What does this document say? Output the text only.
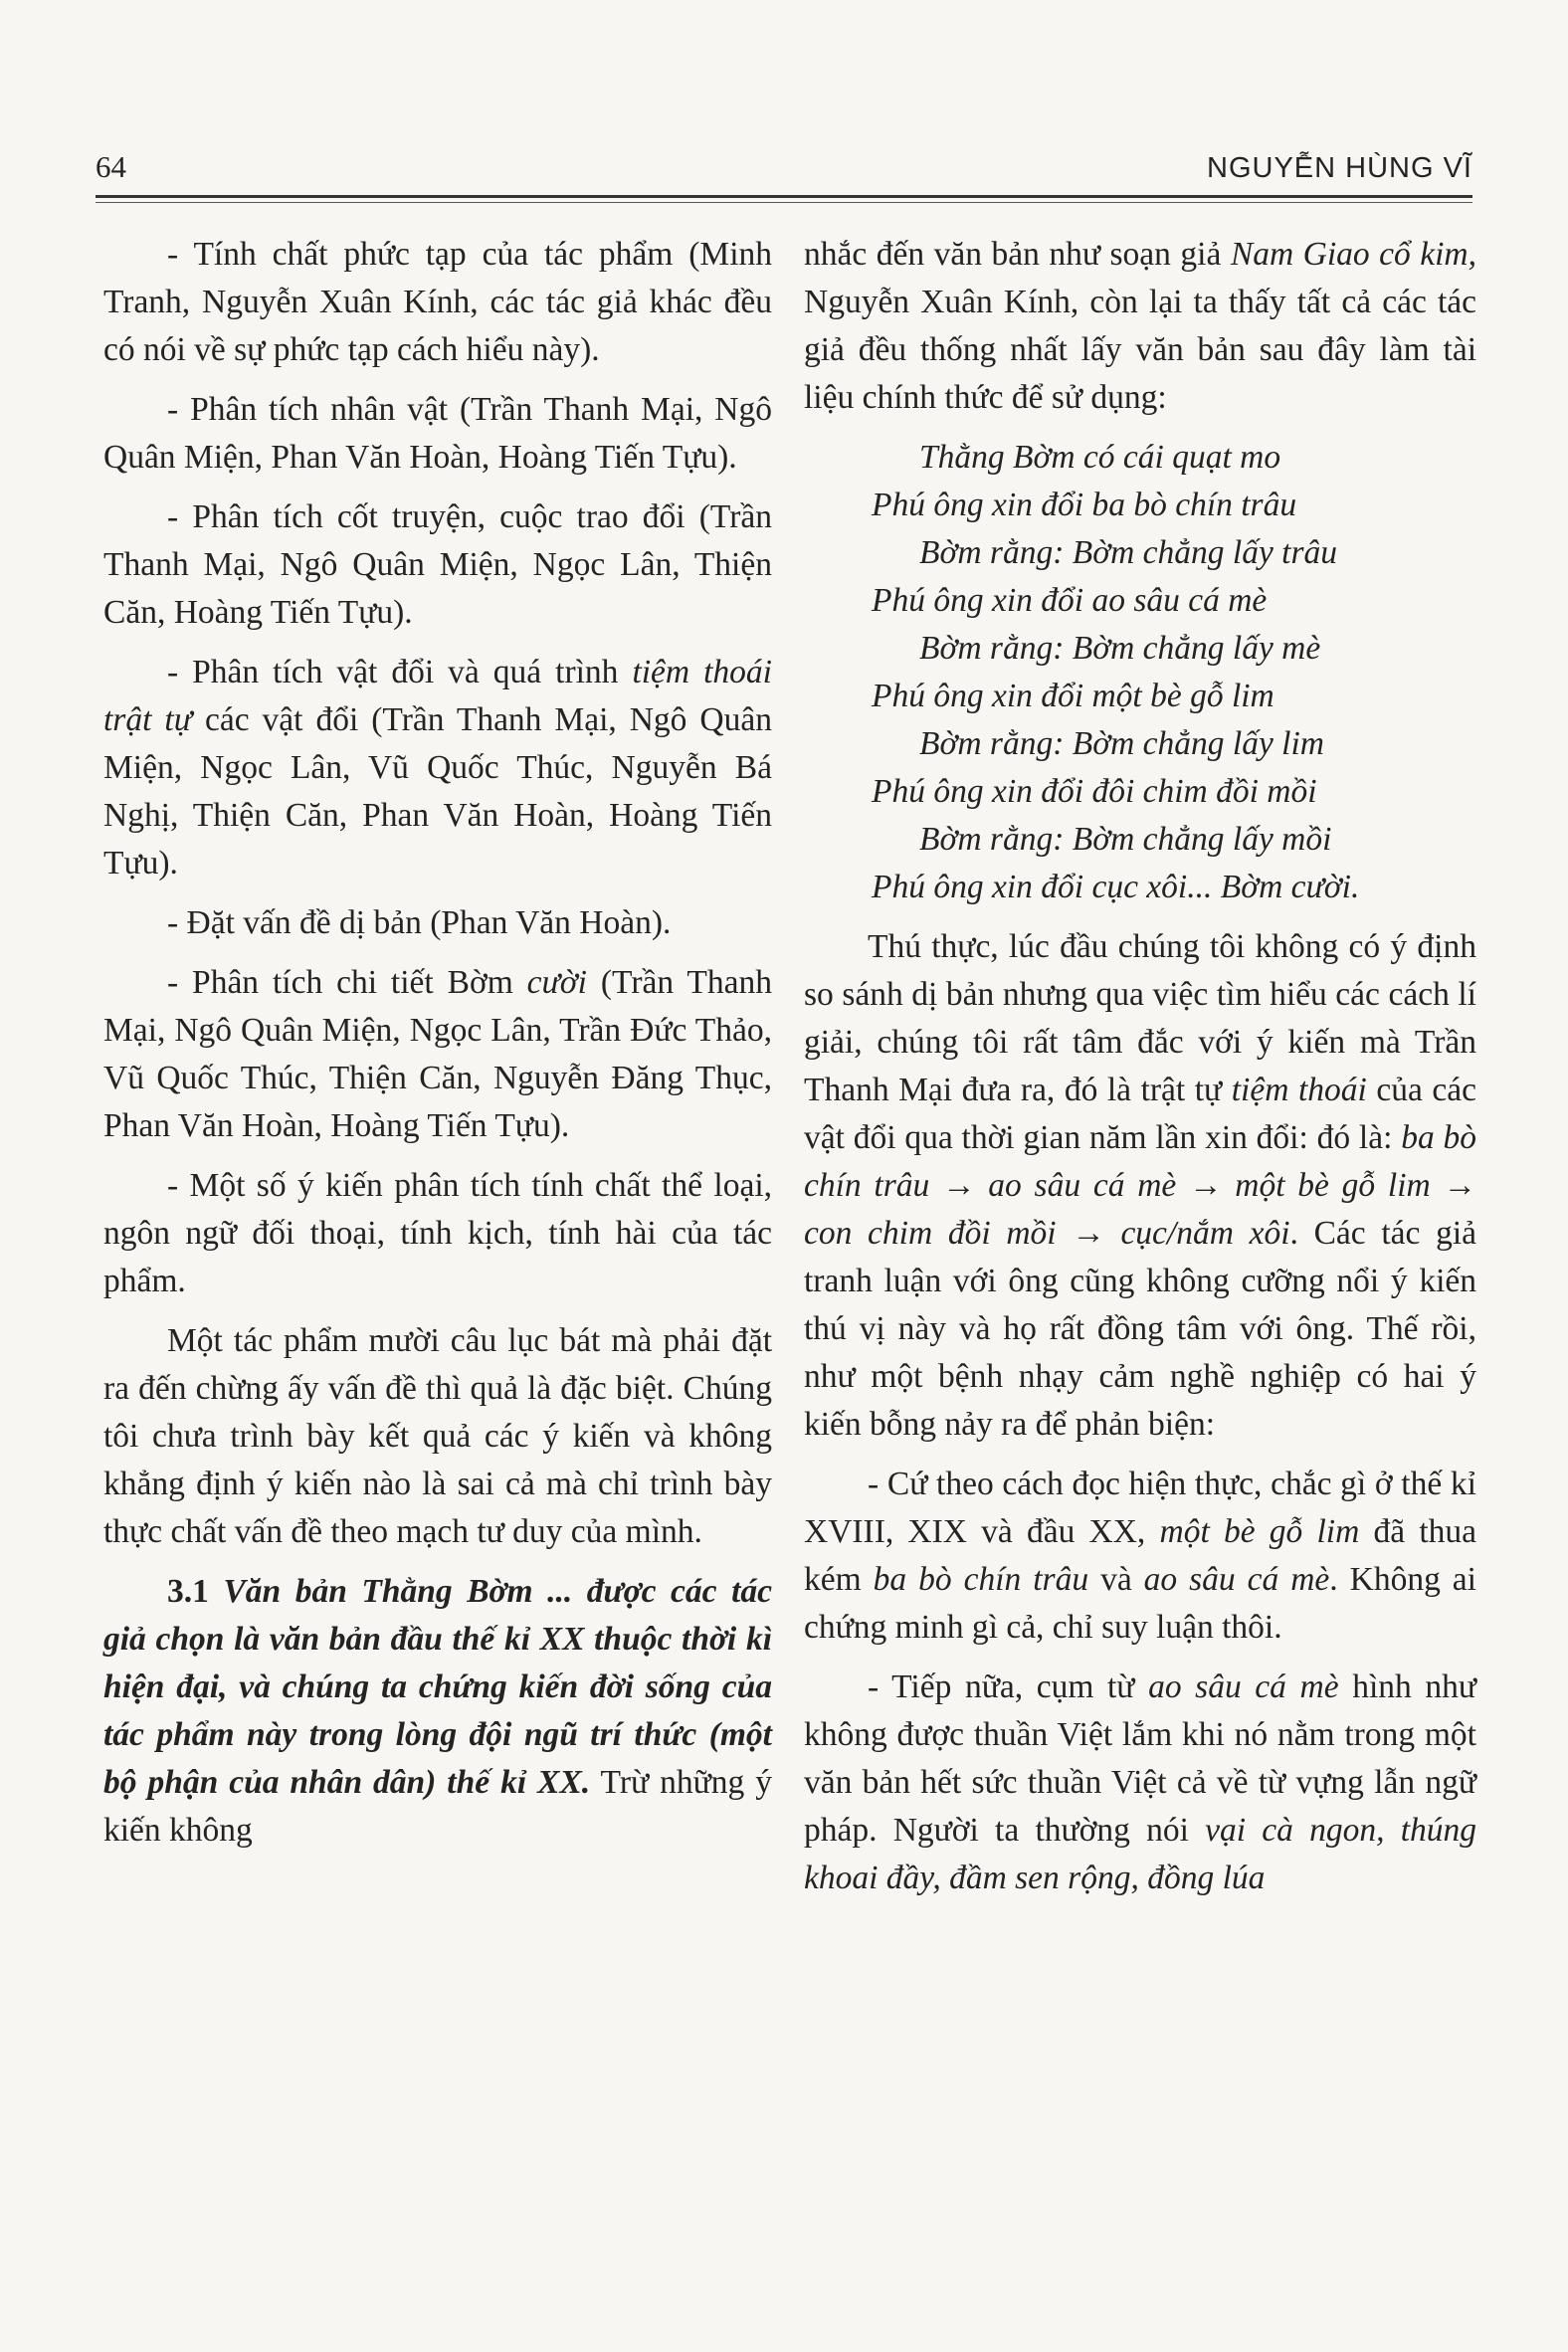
64	NGUYỄN HÙNG VĨ

- Tính chất phức tạp của tác phẩm (Minh Tranh, Nguyễn Xuân Kính, các tác giả khác đều có nói về sự phức tạp cách hiểu này).

- Phân tích nhân vật (Trần Thanh Mại, Ngô Quân Miện, Phan Văn Hoàn, Hoàng Tiến Tựu).

- Phân tích cốt truyện, cuộc trao đổi (Trần Thanh Mại, Ngô Quân Miện, Ngọc Lân, Thiện Căn, Hoàng Tiến Tựu).

- Phân tích vật đổi và quá trình tiệm thoái trật tự các vật đổi (Trần Thanh Mại, Ngô Quân Miện, Ngọc Lân, Vũ Quốc Thúc, Nguyễn Bá Nghị, Thiện Căn, Phan Văn Hoàn, Hoàng Tiến Tựu).

- Đặt vấn đề dị bản (Phan Văn Hoàn).

- Phân tích chi tiết Bờm cười (Trần Thanh Mại, Ngô Quân Miện, Ngọc Lân, Trần Đức Thảo, Vũ Quốc Thúc, Thiện Căn, Nguyễn Đăng Thục, Phan Văn Hoàn, Hoàng Tiến Tựu).

- Một số ý kiến phân tích tính chất thể loại, ngôn ngữ đối thoại, tính kịch, tính hài của tác phẩm.

Một tác phẩm mười câu lục bát mà phải đặt ra đến chừng ấy vấn đề thì quả là đặc biệt. Chúng tôi chưa trình bày kết quả các ý kiến và không khẳng định ý kiến nào là sai cả mà chỉ trình bày thực chất vấn đề theo mạch tư duy của mình.

3.1 Văn bản Thằng Bờm ... được các tác giả chọn là văn bản đầu thế kỉ XX thuộc thời kì hiện đại, và chúng ta chứng kiến đời sống của tác phẩm này trong lòng đội ngũ trí thức (một bộ phận của nhân dân) thế kỉ XX. Trừ những ý kiến không

nhắc đến văn bản như soạn giả Nam Giao cổ kim, Nguyễn Xuân Kính, còn lại ta thấy tất cả các tác giả đều thống nhất lấy văn bản sau đây làm tài liệu chính thức để sử dụng:

Thằng Bờm có cái quạt mo
Phú ông xin đổi ba bò chín trâu
Bờm rằng: Bờm chẳng lấy trâu
Phú ông xin đổi ao sâu cá mè
Bờm rằng: Bờm chẳng lấy mè
Phú ông xin đổi một bè gỗ lim
Bờm rằng: Bờm chẳng lấy lim
Phú ông xin đổi đôi chim đồi mồi
Bờm rằng: Bờm chẳng lấy mồi
Phú ông xin đổi cục xôi... Bờm cười.

Thú thực, lúc đầu chúng tôi không có ý định so sánh dị bản nhưng qua việc tìm hiểu các cách lí giải, chúng tôi rất tâm đắc với ý kiến mà Trần Thanh Mại đưa ra, đó là trật tự tiệm thoái của các vật đổi qua thời gian năm lần xin đổi: đó là: ba bò chín trâu → ao sâu cá mè → một bè gỗ lim → con chim đồi mồi → cục/nắm xôi. Các tác giả tranh luận với ông cũng không cưỡng nổi ý kiến thú vị này và họ rất đồng tâm với ông. Thế rồi, như một bệnh nhạy cảm nghề nghiệp có hai ý kiến bỗng nảy ra để phản biện:

- Cứ theo cách đọc hiện thực, chắc gì ở thế kỉ XVIII, XIX và đầu XX, một bè gỗ lim đã thua kém ba bò chín trâu và ao sâu cá mè. Không ai chứng minh gì cả, chỉ suy luận thôi.

- Tiếp nữa, cụm từ ao sâu cá mè hình như không được thuần Việt lắm khi nó nằm trong một văn bản hết sức thuần Việt cả về từ vựng lẫn ngữ pháp. Người ta thường nói vại cà ngon, thúng khoai đầy, đầm sen rộng, đồng lúa
